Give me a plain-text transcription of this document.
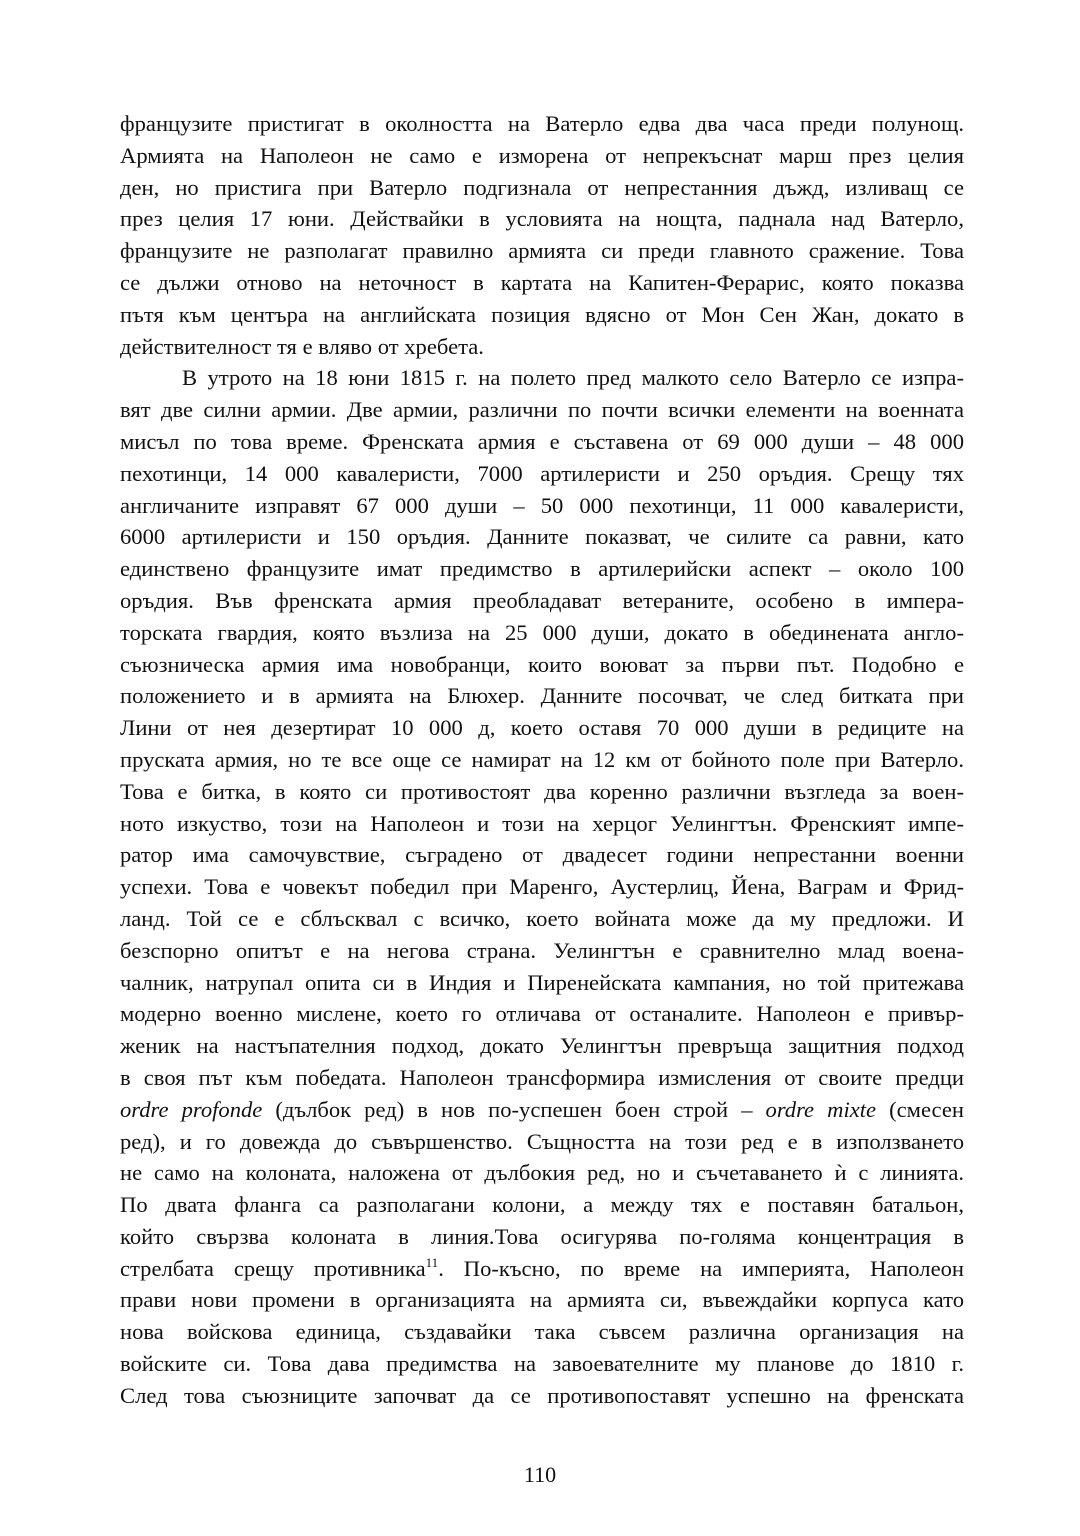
французите пристигат в околността на Ватерло едва два часа преди полунощ.
Армията на Наполеон не само е изморена от непрекъснат марш през целия
ден, но пристига при Ватерло подгизнала от непрестанния дъжд, изливащ се
през целия 17 юни. Действайки в условията на нощта, паднала над Ватерло,
французите не разполагат правилно армията си преди главното сражение. Това
се дължи отново на неточност в картата на Капитен-Ферарис, която показва
пътя към центъра на английската позиция вдясно от Мон Сен Жан, докато в
действителност тя е вляво от хребета.

В утрото на 18 юни 1815 г. на полето пред малкото село Ватерло се изпра-
вят две силни армии. Две армии, различни по почти всички елементи на военната
мисъл по това време. Френската армия е съставена от 69 000 души – 48 000
пехотинци, 14 000 кавалеристи, 7000 артилеристи и 250 оръдия. Срещу тях
англичаните изправят 67 000 души – 50 000 пехотинци, 11 000 кавалеристи,
6000 артилеристи и 150 оръдия. Данните показват, че силите са равни, като
единствено французите имат предимство в артилерийски аспект – около 100
оръдия. Във френската армия преобладават ветераните, особено в импера-
торската гвардия, която възлиза на 25 000 души, докато в обединената англо-
съюзническа армия има новобранци, които воюват за първи път. Подобно е
положението и в армията на Блюхер. Данните посочват, че след битката при
Лини от нея дезертират 10 000 д, което оставя 70 000 души в редиците на
пруската армия, но те все още се намират на 12 км от бойното поле при Ватерло.
Това е битка, в която си противостоят два коренно различни възгледа за воен-
ното изкуство, този на Наполеон и този на херцог Уелингтън. Френският импе-
ратор има самочувствие, съградено от двадесет години непрестанни военни
успехи. Това е човекът победил при Маренго, Аустерлиц, Йена, Ваграм и Фрид-
ланд. Той се е сблъсквал с всичко, което войната може да му предложи. И
безспорно опитът е на негова страна. Уелингтън е сравнително млад воена-
чалник, натрупал опита си в Индия и Пиренейската кампания, но той притежава
модерно военно мислене, което го отличава от останалите. Наполеон е привър-
женик на настъпателния подход, докато Уелингтън превръща защитния подход
в своя път към победата. Наполеон трансформира измисления от своите предци
ordre profonde (дълбок ред) в нов по-успешен боен строй – ordre mixte (смесен
ред), и го довежда до съвършенство. Същността на този ред е в използването
не само на колоната, наложена от дълбокия ред, но и съчетаването ѝ с линията.
По двата фланга са разполагани колони, а между тях е поставян батальон,
който свързва колоната в линия.Това осигурява по-голяма концентрация в
стрелбата срещу противника$^{11}$. По-късно, по време на империята, Наполеон
прави нови промени в организацията на армията си, въвеждайки корпуса като
нова войскова единица, създавайки така съвсем различна организация на
войските си. Това дава предимства на завоевателните му планове до 1810 г.
След това съюзниците започват да се противопоставят успешно на френската

110
